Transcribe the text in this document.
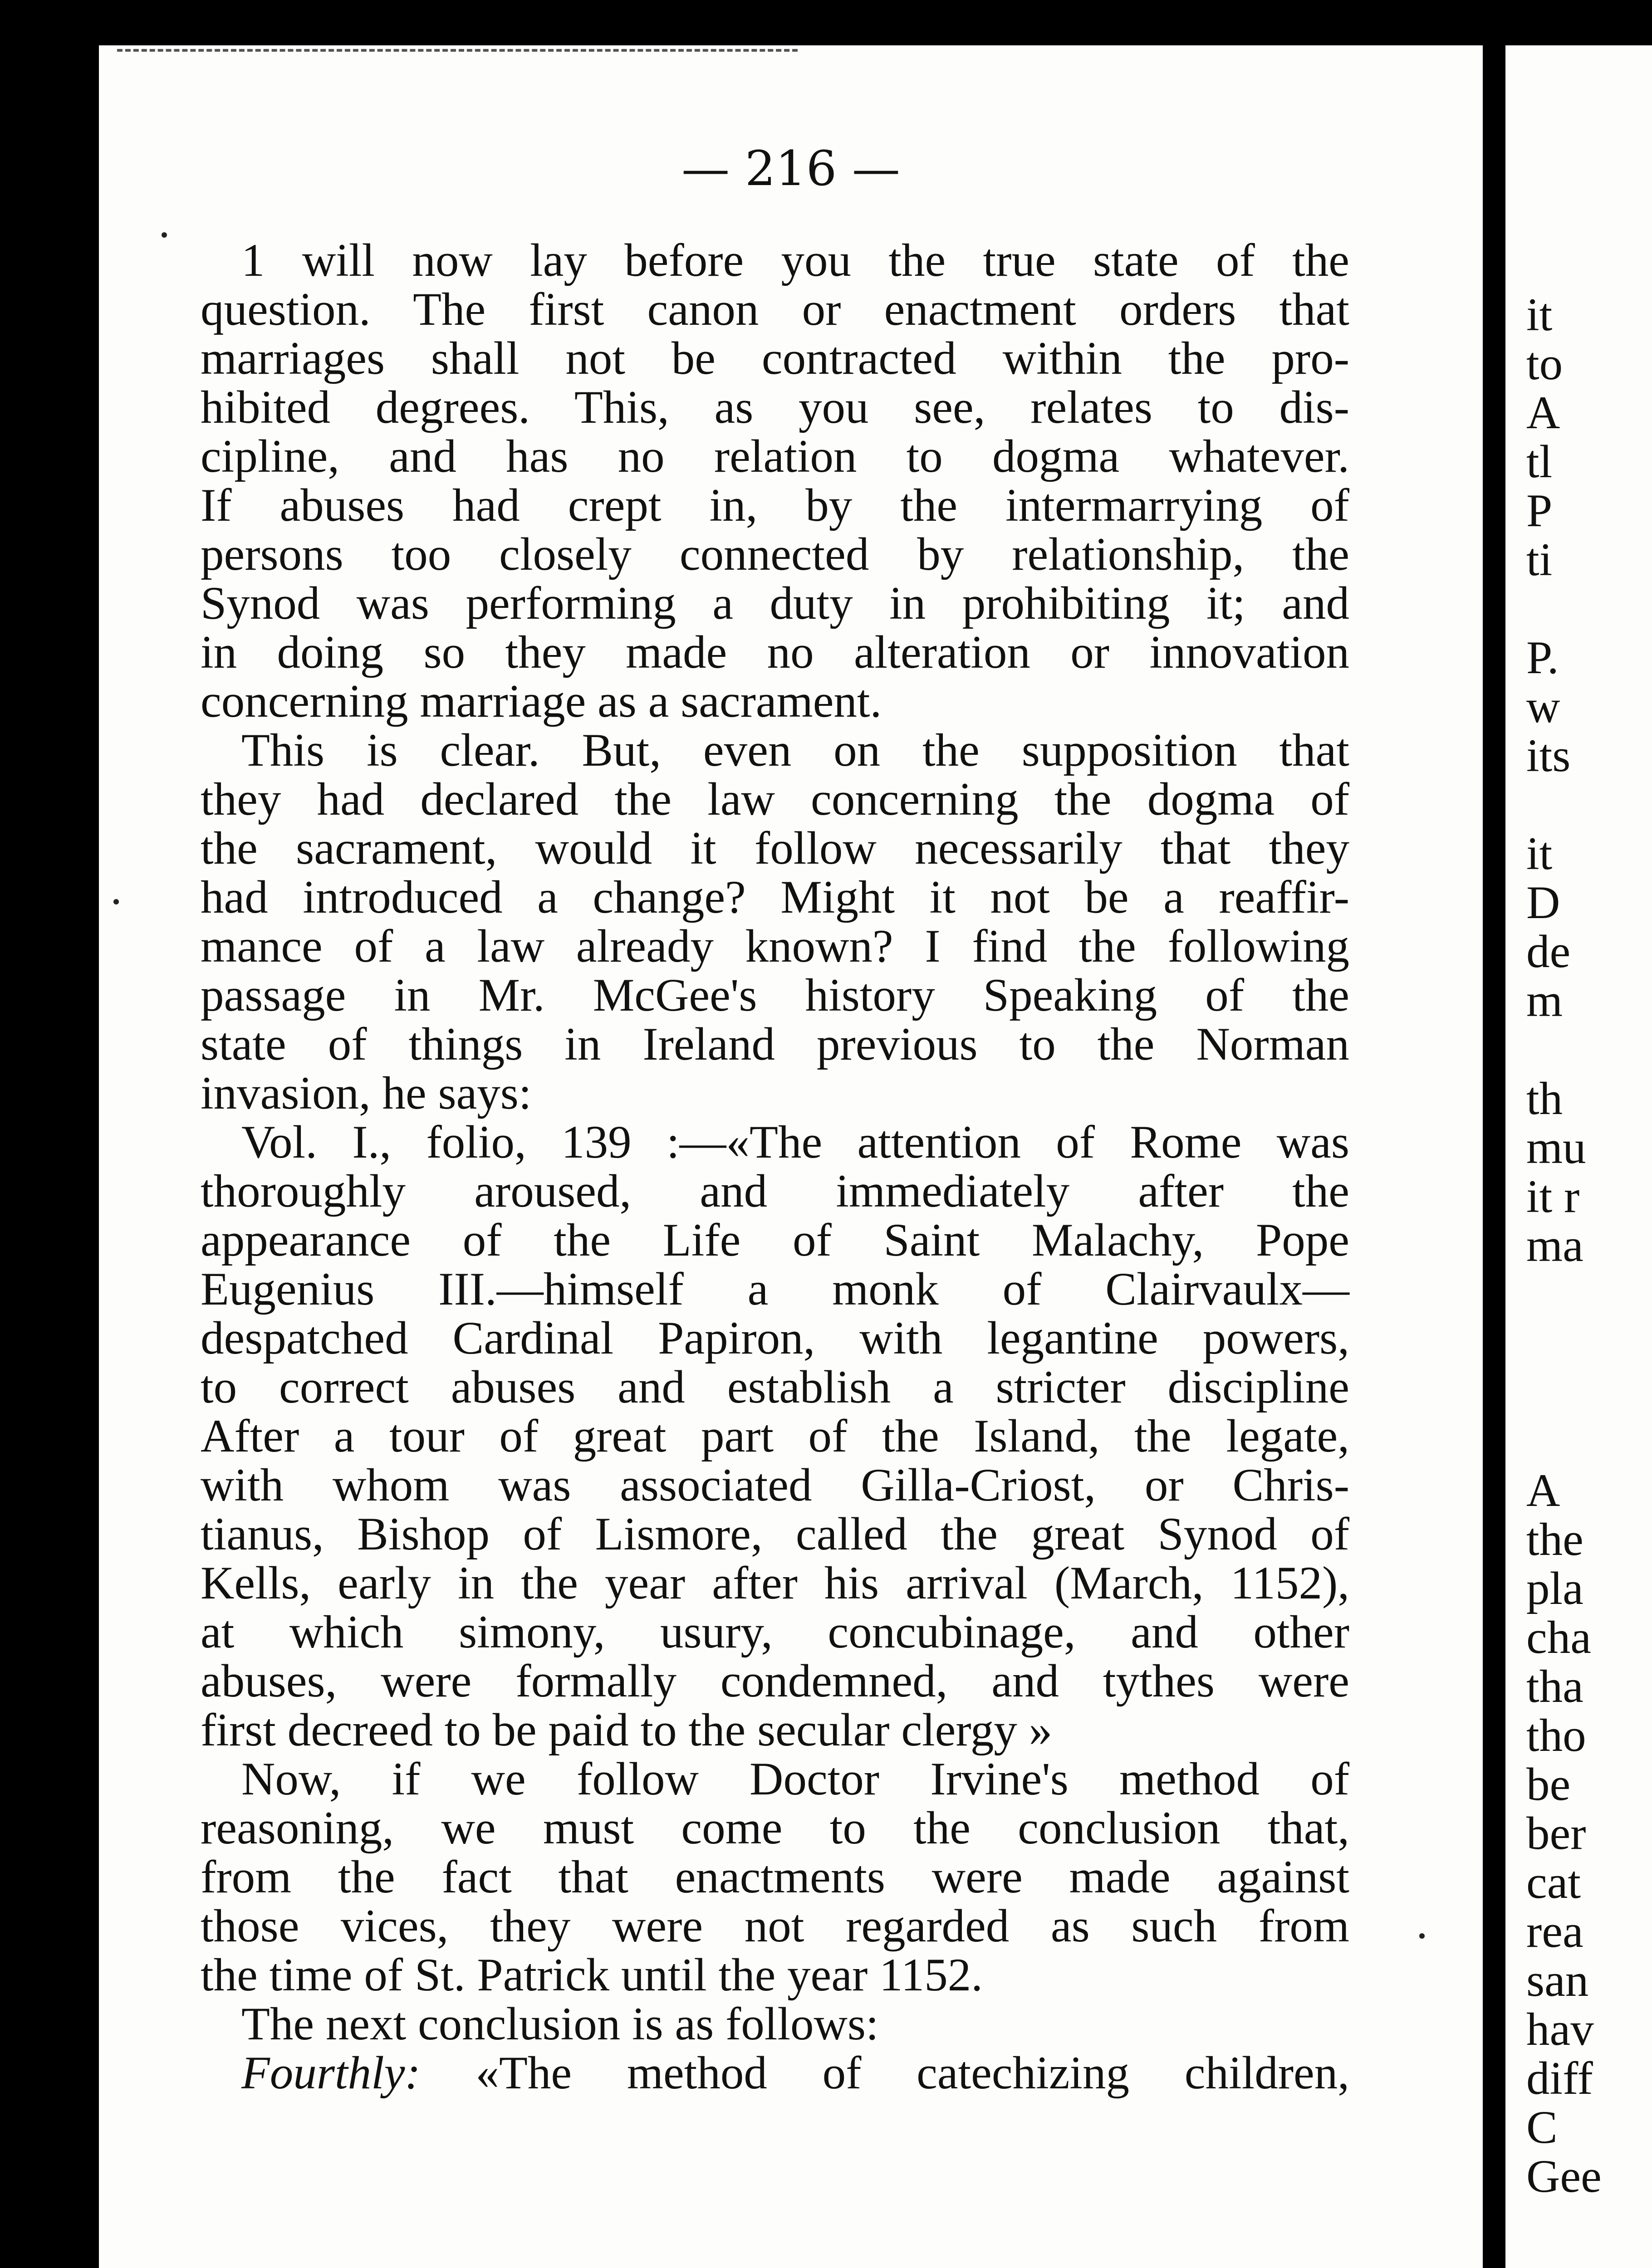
— 216 —
1 will now lay before you the true state of the
question. The first canon or enactment orders that
marriages shall not be contracted within the pro-
hibited degrees. This, as you see, relates to dis-
cipline, and has no relation to dogma whatever.
If abuses had crept in, by the intermarrying of
persons too closely connected by relationship, the
Synod was performing a duty in prohibiting it; and
in doing so they made no alteration or innovation
concerning marriage as a sacrament.
This is clear. But, even on the supposition that
they had declared the law concerning the dogma of
the sacrament, would it follow necessarily that they
had introduced a change? Might it not be a reaffir-
mance of a law already known? I find the following
passage in Mr. McGee's history Speaking of the
state of things in Ireland previous to the Norman
invasion, he says:
Vol. I., folio, 139 :—«The attention of Rome was
thoroughly aroused, and immediately after the
appearance of the Life of Saint Malachy, Pope
Eugenius III.—himself a monk of Clairvaulx—
despatched Cardinal Papiron, with legantine powers,
to correct abuses and establish a stricter discipline
After a tour of great part of the Island, the legate,
with whom was associated Gilla-Criost, or Chris-
tianus, Bishop of Lismore, called the great Synod of
Kells, early in the year after his arrival (March, 1152),
at which simony, usury, concubinage, and other
abuses, were formally condemned, and tythes were
first decreed to be paid to the secular clergy »
Now, if we follow Doctor Irvine's method of
reasoning, we must come to the conclusion that,
from the fact that enactments were made against
those vices, they were not regarded as such from
the time of St. Patrick until the year 1152.
The next conclusion is as follows:
Fourthly: «The method of catechizing children,
it
to
A
tl
P
ti
P.
w
its
it
D
de
m
th
mu
it r
ma
A
the
pla
cha
tha
tho
be
ber
cat
rea
san
hav
diff
C
Gee
